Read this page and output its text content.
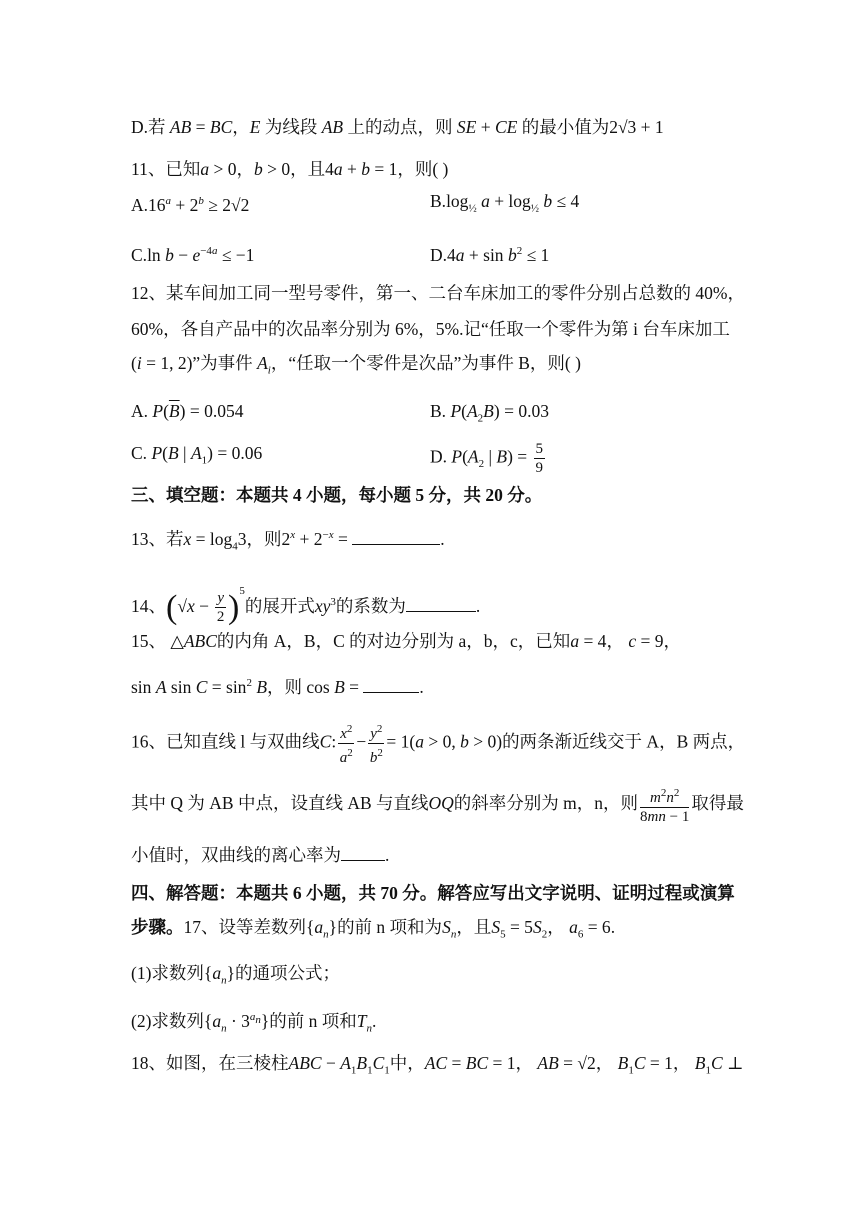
D.若 AB = BC，E 为线段 AB 上的动点，则 SE + CE 的最小值为2√3 + 1
11、已知a > 0，b > 0，且4a + b = 1，则( )
$A.16^a + 2^b \ge 2√2$	$B.\log_{\frac{1}{2}}$ $a + \log_{\frac{1}{2}} b \le 4$
C.ln $b - e^{-4a} \le -1$	$D.4a + \sin b^2 \le 1$
12、某车间加工同一型号零件，第一、二台车床加工的零件分别占总数的 40%，
60%，各自产品中的次品率分别为 6%，5%.记“任取一个零件为第 i 台车床加工
(i = 1, 2)”为事件 $A_i$，“任取一个零件是次品”为事件 B，则( )
A. $P(\overline{B}) = 0.054$	B. $P(A_2B) = 0.03$
C. P(B | $A_1) = 0.06$	D. $P(A_2$ | $B) = \frac{5}{9}$
三、填空题：本题共 4 小题，每小题 5 分，共 20 分。
13、若$x = \log_43$，则$2^x + 2^{-x}$ =	.
14、$(√x - \frac{y}{2} )^5$的展开式$xy^3$的系数为	.
15、 △ABC的内角 A，B，C 的对边分别为 a，b，c，已知a = 4， c = 9，
sin A $\sin C = \sin^2 B$，则 cos B =	.
16、已知直线 l 与双曲线C: $\frac{x^2}{a^2} - \frac{y^2}{b^2} = 1(a > 0$, b > 0)的两条渐近线交于 A，B 两点，
其中 Q 为 AB 中点，设直线 AB 与直线OQ的斜率分别为 m，n，则 $\frac{m^2n^2}{8mn - 1}$ 取得最
小值时，双曲线的离心率为	.
四、解答题：本题共 6 小题，共 70 分。解答应写出文字说明、证明过程或演算
步骤。17、设等差数列$\{a_n\}$的前 n 项和为$S_n$，且$S_5 = 5S_2$， $a_6 = 6$.
(1)求数列$\{a_n\}$的通项公式；
(2)求数列$\{a_n \cdot 3^{a_n}\}$的前 n 项和$T_n$.
18、如图，在三棱柱ABC − $A_1B_1C_1$中，AC = BC = 1， AB = √2， $B_1C = 1$， $B_1C$ ⊥
